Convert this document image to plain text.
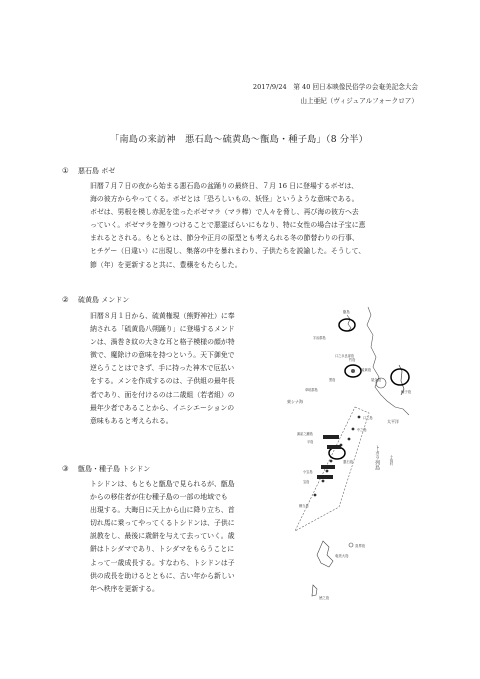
2017/9/24　第 40 回日本映像民俗学の会奄美記念大会
山上亜紀（ヴィジュアルフォークロア）
「南島の来訪神　悪石島〜硫黄島〜甑島・種子島」（8 分半）
① 悪石島 ボゼ
旧暦７月７日の夜から始まる悪石島の盆踊りの最終日、７月 16 日に登場するボゼは、
海の彼方からやってくる。ボゼとは「恐ろしいもの、妖怪」というような意味である。
ボゼは、男根を模し赤泥を塗ったボゼマラ（マラ棒）で人々を脅し、再び海の彼方へ去
っていく。ボゼマラを擦りつけることで悪霊ばらいにもなり、特に女性の場合は子宝に恵
まれるとされる。もともとは、節分や正月の原型とも考えられる冬の節替わりの行事、
ヒチゲー（日違い）に出現し、集落の中を暴れまわり、子供たちを説諭した。そうして、
節（年）を更新すると共に、豊穣をもたらした。
② 硫黄島 メンドン
旧暦８月１日から、硫黄権現（熊野神社）に奉
納される「硫黄島八朔踊り」に登場するメンド
ンは、渦巻き紋の大きな耳と格子模様の顔が特
徴で、魔除けの意味を持つという。天下御免で
逆らうことはできず、手に持った神木で厄払い
をする。メンを作成するのは、子供組の最年長
者であり、面を付けるのは二歳組（若者組）の
最年少者であることから、イニシエーションの
意味もあると考えられる。
③ 甑島・種子島 トシドン
トシドンは、もともと甑島で見られるが、甑島
からの移住者が住む種子島の一部の地域でも
出現する。大晦日に天上から山に降り立ち、首
切れ馬に乗ってやってくるトシドンは、子供に
説教をし、最後に歳餅を与えて去っていく。歳
餅はトシダマであり、トシダマをもらうことに
よって一歳成長する。すなわち、トシドンは子
供の成長を助けるとともに、古い年から新しい
年へ秩序を更新する。
甑島
屋久島
種子島
口之永良部島
硫黄島
竹島
口之島
中之島
平島
諏訪之瀬島
悪石島
小宝島
宝島
横当島
奄美大島
徳之島
喜界島
宇治群島
草垣群島
黒島
トカラ列島	十島村
東シナ海
太平洋
